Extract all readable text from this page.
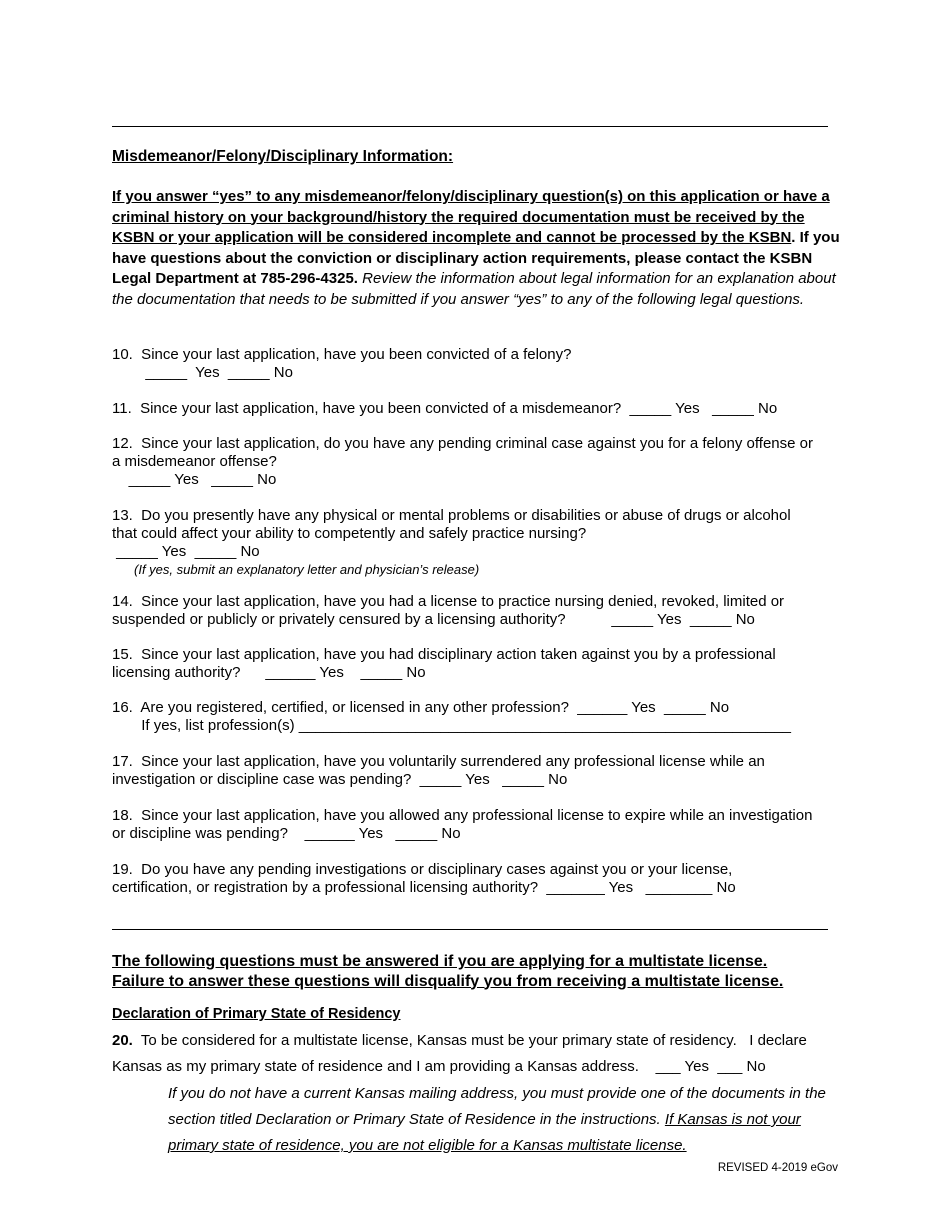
Misdemeanor/Felony/Disciplinary Information:
If you answer “yes” to any misdemeanor/felony/disciplinary question(s) on this application or have a criminal history on your background/history the required documentation must be received by the KSBN or your application will be considered incomplete and cannot be processed by the KSBN. If you have questions about the conviction or disciplinary action requirements, please contact the KSBN Legal Department at 785-296-4325. Review the information about legal information for an explanation about the documentation that needs to be submitted if you answer “yes” to any of the following legal questions.
10.  Since your last application, have you been convicted of a felony?
_____  Yes  _____ No
11.  Since your last application, have you been convicted of a misdemeanor?  _____ Yes   _____ No
12.  Since your last application, do you have any pending criminal case against you for a felony offense or
a misdemeanor offense?
_____ Yes   _____ No
13.  Do you presently have any physical or mental problems or disabilities or abuse of drugs or alcohol
that could affect your ability to competently and safely practice nursing?
_____ Yes  _____ No
(If yes, submit an explanatory letter and physician’s release)
14.  Since your last application, have you had a license to practice nursing denied, revoked, limited or
suspended or publicly or privately censured by a licensing authority?           _____ Yes  _____ No
15.  Since your last application, have you had disciplinary action taken against you by a professional
licensing authority?      ______ Yes    _____ No
16.  Are you registered, certified, or licensed in any other profession?  ______ Yes  _____ No
If yes, list profession(s) ___________________________________________________________
17.  Since your last application, have you voluntarily surrendered any professional license while an
investigation or discipline case was pending?  _____ Yes   _____ No
18.  Since your last application, have you allowed any professional license to expire while an investigation
or discipline was pending?    ______ Yes   _____ No
19.  Do you have any pending investigations or disciplinary cases against you or your license,
certification, or registration by a professional licensing authority?  _______ Yes   ________ No
The following questions must be answered if you are applying for a multistate license.
Failure to answer these questions will disqualify you from receiving a multistate license.
Declaration of Primary State of Residency
20.  To be considered for a multistate license, Kansas must be your primary state of residency.   I declare
Kansas as my primary state of residence and I am providing a Kansas address.    ___ Yes  ___ No
If you do not have a current Kansas mailing address, you must provide one of the documents in the section titled Declaration or Primary State of Residence in the instructions. If Kansas is not your primary state of residence, you are not eligible for a Kansas multistate license.
REVISED 4-2019 eGov
